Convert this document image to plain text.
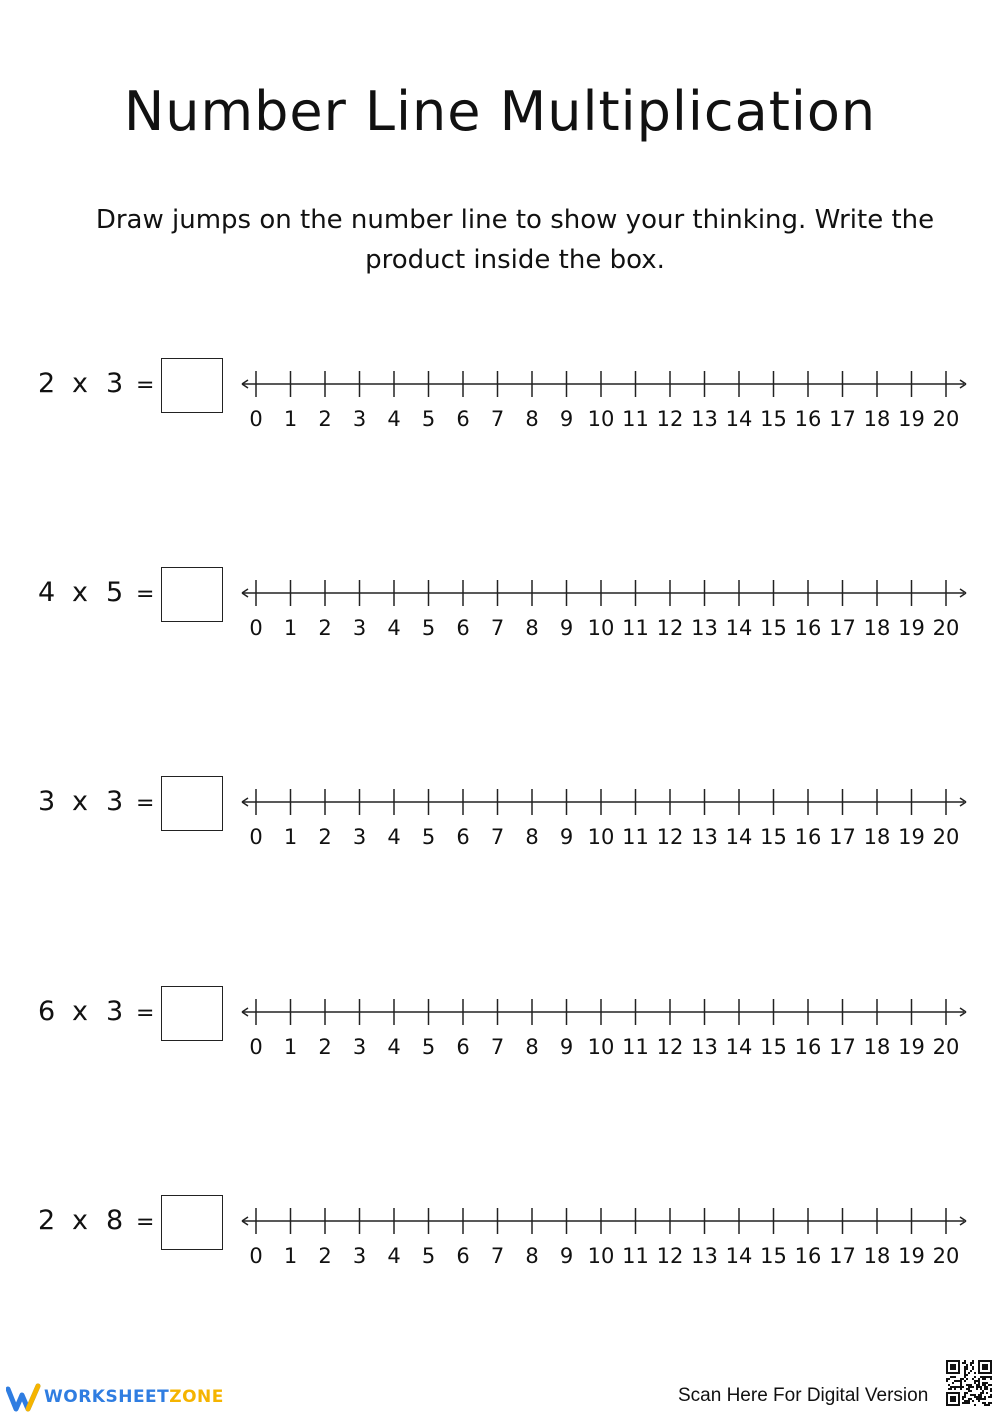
Number Line Multiplication
Draw jumps on the number line to show your thinking. Write the product inside the box.
2 x 3 =
0 1 2 3 4 5 6 7 8 9 10 11 12 13 14 15 16 17 18 19 20
4 x 5 =
0 1 2 3 4 5 6 7 8 9 10 11 12 13 14 15 16 17 18 19 20
3 x 3 =
0 1 2 3 4 5 6 7 8 9 10 11 12 13 14 15 16 17 18 19 20
6 x 3 =
0 1 2 3 4 5 6 7 8 9 10 11 12 13 14 15 16 17 18 19 20
2 x 8 =
0 1 2 3 4 5 6 7 8 9 10 11 12 13 14 15 16 17 18 19 20
WORKSHEETZONE	Scan Here For Digital Version
